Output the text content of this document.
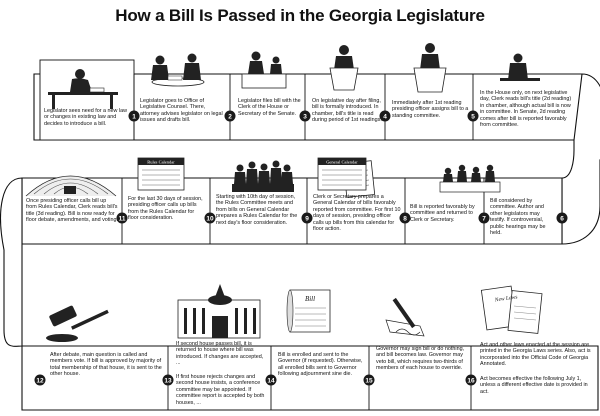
How a Bill Is Passed in the Georgia Legislature
1	2	3	4	5
6
7
8
9
10
11
12	13	14	15	16
General Calendar
Rules Calendar
Bill	New Laws
Legislator sees need for a new law or changes in existing law and decides to introduce a bill.
Legislator goes to Office of Legislative Counsel. There, attorney advises legislator on legal issues and drafts bill.
Legislator files bill with the Clerk of the House or Secretary of the Senate.
On legislative day after filing, bill is formally introduced. In chamber, bill's title is read during period of 1st readings.
Immediately after 1st reading presiding officer assigns bill to a standing committee.
In the House only, on next legislative day, Clerk reads bill's title (2d reading) in chamber, although actual bill is now in committee. In Senate, 2d reading comes after bill is reported favorably from committee.
Bill considered by committee. Author and other legislators may testify. If controversial, public hearings may be held.
Bill is reported favorably by committee and returned to Clerk or Secretary.
Clerk or Secretary prepares a General Calendar of bills favorably reported from committee. For first 10 days of session, presiding officer calls up bills from this calendar for floor action.
Starting with 10th day of session, the Rules Committee meets and from bills on General Calendar prepares a Rules Calendar for the next day's floor consideration.
For the last 30 days of session, presiding officer calls up bills from the Rules Calendar for floor consideration.
Once presiding officer calls bill up from Rules Calendar, Clerk reads bill's title (3d reading). Bill is now ready for floor debate, amendments, and voting.
After debate, main question is called and members vote. If bill is approved by majority of total membership of that house, it is sent to the other house.
If second house passes bill, it is returned to house where bill was introduced. If changes are accepted, ...
If first house rejects changes and second house insists, a conference committee may be appointed. If committee report is accepted by both houses, ...
Bill is enrolled and sent to the Governor (if requested). Otherwise, all enrolled bills sent to Governor following adjournment sine die.
Governor may sign bill or do nothing, and bill becomes law. Governor may veto bill, which requires two-thirds of members of each house to override.
Act and other laws enacted at the session are printed in the Georgia Laws series. Also, act is incorporated into the Official Code of Georgia Annotated.
Act becomes effective the following July 1, unless a different effective date is provided in act.
